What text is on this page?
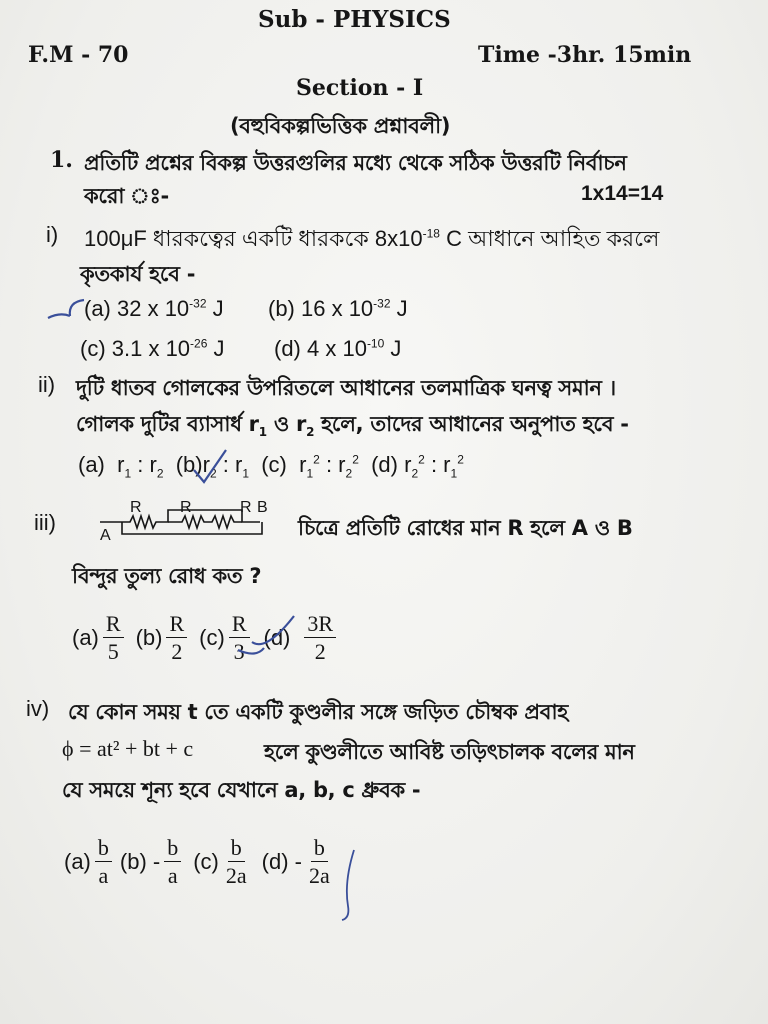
Sub - PHYSICS
F.M - 70	Time -3hr. 15min
Section - I
(বহুবিকল্পভিত্তিক প্রশ্নাবলী)
1. প্রতিটি প্রশ্নের বিকল্প উত্তরগুলির মধ্যে থেকে সঠিক উত্তরটি নির্বাচন
করো ঃ-	1x14=14
i) 100μF ধারকত্বের একটি ধারককে $8x10^{-18}$ C আধানে আহিত করলে
কৃতকার্য হবে -
(a) 32 x $10^{-32}$ J (b) 16 x $10^{-32}$ J
(c) 3.1 x $10^{-26}$ J (d) 4 x $10^{-10}$ J
ii) দুটি ধাতব গোলকের উপরিতলে আধানের তলমাত্রিক ঘনত্ব সমান ।
গোলক দুটির ব্যাসার্ধ $r_1$ ও $r_2$ হলে, তাদের আধানের অনুপাত হবে -
(a) $r_1$ : $r_2$ $(b)r_2$ : $r_1$ (c) $r_1^2$ : $r_2^2$ (d) $r_2^2$ : $r_1^2$
iii)
R R	R B
A	চিত্রে প্রতিটি রোধের মান R হলে A ও B
বিন্দুর তুল্য রোধ কত ?
$(a) \frac{R}{5} (b) \frac{R}{2} (c) \frac{R}{3} (d) \frac{3R}{2}$
iv) যে কোন সময় t তে একটি কুণ্ডলীর সঙ্গে জড়িত চৌম্বক প্রবাহ
ϕ = at² + bt + c	হলে কুণ্ডলীতে আবিষ্ট তড়িৎচালক বলের মান
যে সময়ে শূন্য হবে যেখানে a, b, c ধ্রুবক -
$(a) \frac{b}{a} (b) - \frac{b}{a} (c) \frac{b}{2a} (d) - \frac{b}{2a}$
